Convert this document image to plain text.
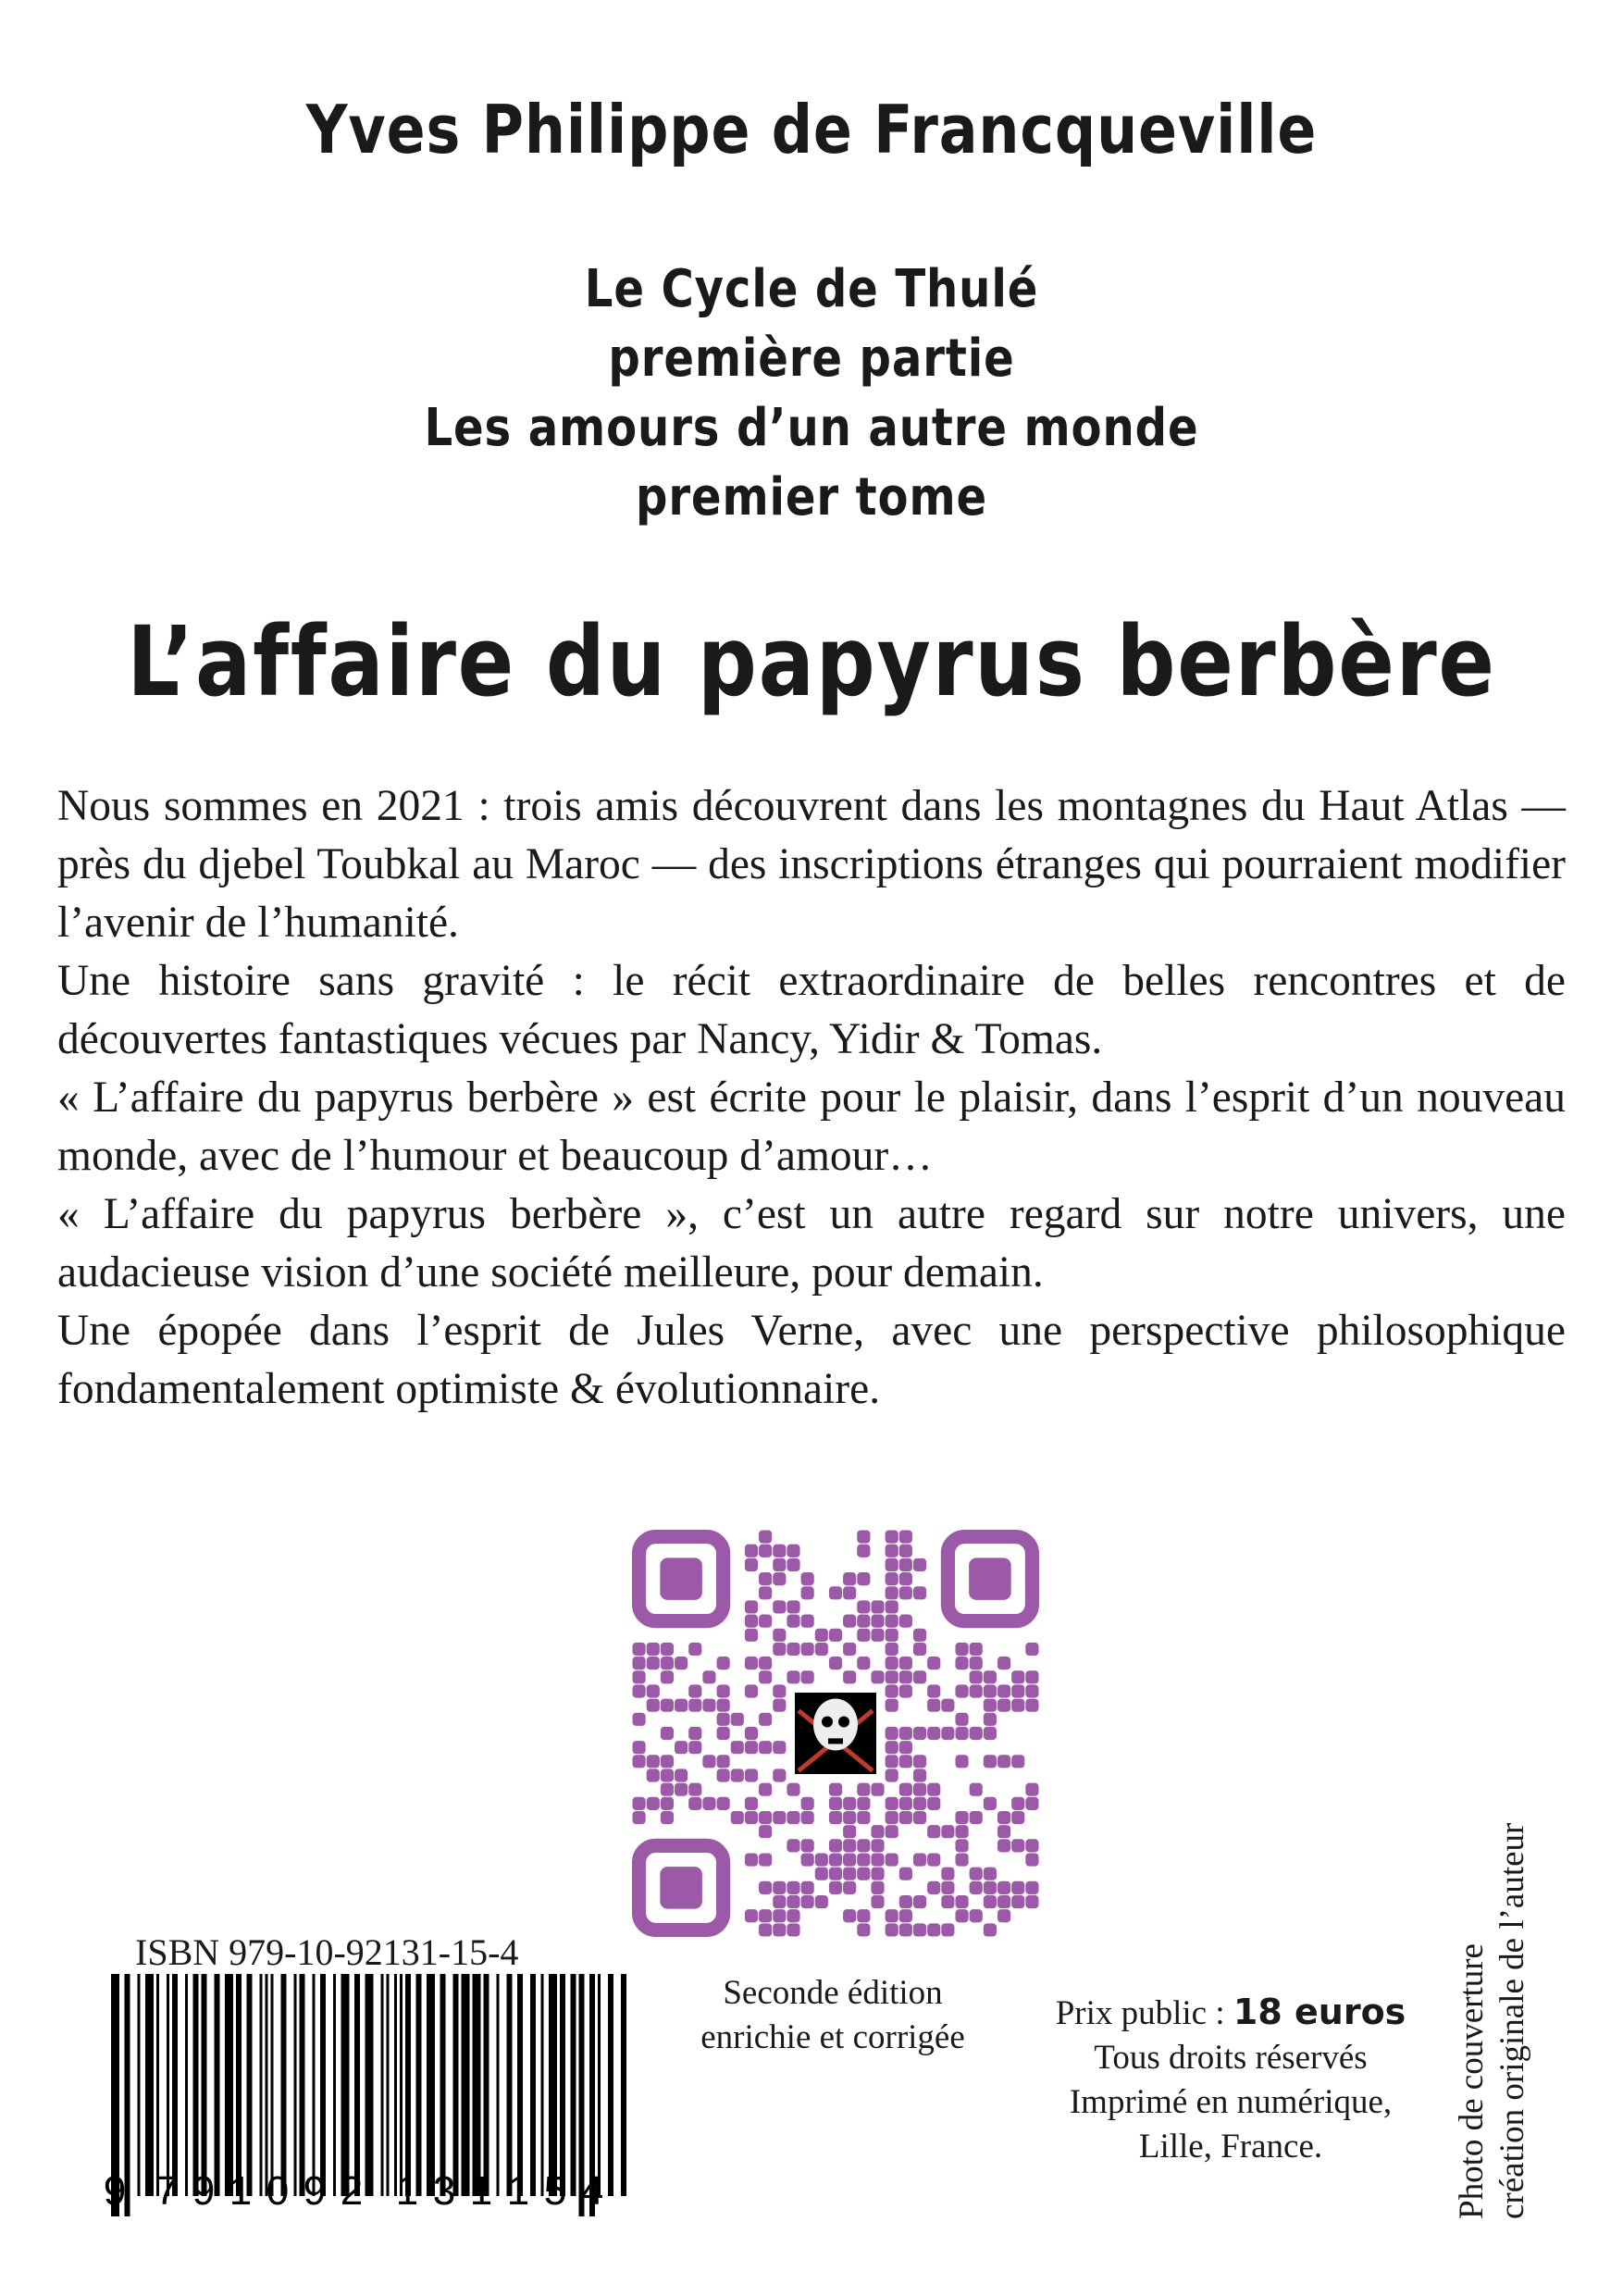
Yves Philippe de Francqueville
Le Cycle de Thulé
première partie
Les amours d’un autre monde
premier tome
L’affaire du papyrus berbère

Nous sommes en 2021 : trois amis découvrent dans les montagnes du Haut Atlas — près du djebel Toubkal au Maroc — des inscriptions étranges qui pourraient modifier l’avenir de l’humanité.

Une histoire sans gravité : le récit extraordinaire de belles rencontres et de découvertes fantastiques vécues par Nancy, Yidir & Tomas.

« L’affaire du papyrus berbère » est écrite pour le plaisir, dans l’esprit d’un nouveau monde, avec de l’humour et beaucoup d’amour…

« L’affaire du papyrus berbère », c’est un autre regard sur notre univers, une audacieuse vision d’une société meilleure, pour demain.

Une épopée dans l’esprit de Jules Verne, avec une perspective philosophique fondamentalement optimiste & évolutionnaire.

ISBN 979-10-92131-15-4
9 7 9 1 0 9 2 1 3 1 1 5 4
Seconde édition
enrichie et corrigée
Prix public : 18 euros
Tous droits réservés
Imprimé en numérique,
Lille, France.	Photo de couverture création originale de l’auteur
